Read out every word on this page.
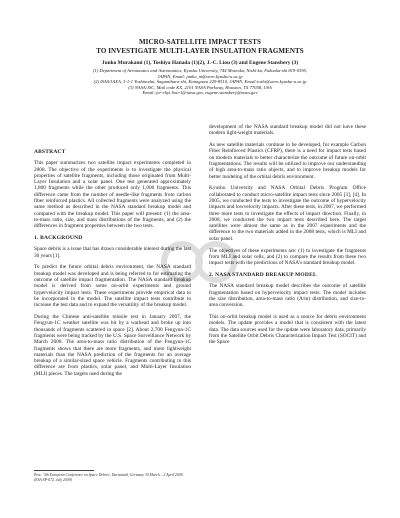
MICRO-SATELLITE IMPACT TESTS
TO INVESTIGATE MULTI-LAYER INSULATION FRAGMENTS
Junko Murakami (1), Toshiya Hanada (1)(2), J.-C. Liou (3) and Eugene Stansbery (3)
(1) Department of Aeronautics and Astronautics, Kyushu University, 744 Motooka, Nishi-ku, Fukuoka-shi 819-0395,
JAPAN, Email: junko_m@aero.kyushu-u.ac.jp
(2) ISAS/JAXA, 3-1-1 Yoshinodai, Sagamihara-shi, Kanagawa 229-8510, JAPAN, Email:toshi@aero.kyushu-u.ac.jp
(3) NASA/JSC, Mail code KX, 2101 NASA Parkway, Houston, TX 77058, USA
Email: jer-chyi.liou-1@nasa.gov, eugene.stansbery@nasa.gov
ABSTRACT
This paper summarizes two satellite impact experiments completed in 2008. The objective of the experiments is to investigate the physical properties of satellite fragments, including those originated from Multi-Layer Insulation and a solar panel. One test generated approximately 1,800 fragments while the other produced only 1,000 fragments. This difference came from the number of needle-like fragments from carbon fiber reinforced plastics. All collected fragments were analyzed using the same method as described in the NASA standard breakup model and compared with the breakup model. This paper will present: (1) the area-to-mass ratio, size, and mass distributions of the fragments, and (2) the differences in fragment properties between the two tests.
1. BACKGROUND
Space debris is a issue that has drawn considerable interest during the last 30 years [1].
To predict the future orbital debris environment, the NASA standard breakup model was developed and is being referred to for estimating the outcome of satellite impact fragmentation. The NASA standard breakup model is derived from some on-orbit experiments and ground hypervelocity impact tests. These experiments provide empirical data to be incorporated in the model. The satellite impact tests contribute to increase the test data and to expand the versatility of the breakup model.
During the Chinese anti-satellite missile test in January 2007, the Fengyun-1C weather satellite was hit by a warhead and broke up into thousands of fragments scattered in space [2]. About 2,700 Fengyun-1C fragments were being tracked by the U.S. Space Surveillance Network by March 2008. The area-to-mass ratio distribution of the Fengyun-1C fragments shows that there are more fragments, and more lightweight materials than the NASA prediction of the fragments for an average breakup of a similar-sized space vehicle. Fragments contributing to this difference are from plastics, solar panel, and Multi-Layer Insulation (MLI) pieces. The targets used during the
development of the NASA standard breakup model did not have these modern light-weight materials.
As new satellite materials continue to be developed, for example Carbon Fiber Reinforced Plastics (CFRP), there is a need for impact tests based on modern materials to better characterize the outcome of future on-orbit fragmentations. The results will be utilized to improve our understanding of high area-to-mass ratio objects, and to improve breakup models for better modeling of the orbital debris environment.
Kyushu University and NASA Orbital Debris Program Office collaborated to conduct micro-satellite impact tests since 2005 [3], [4]. In 2005, we conducted the tests to investigate the outcome of hypervelocity impacts and lowvelocity impacts. After these tests, in 2007, we performed three more tests to investigate the effects of impact direction. Finally, in 2008, we conducted the two impact tests described here. The target satellites were almost the same as in the 2007 experiments and the difference to the two materials added in the 2008 tests, which is MLI and solar panel.
The objectives of these experiments are: (1) to investigate the fragments from MLI and solar cells, and (2) to compare the results from these two impact tests with the predictions of NASA's standard breakup model.
2. NASA STANDARD BREAKUP MODEL
The NASA standard breakup model describes the outcome of satellite fragmentation based on hypervelocity impact tests. The model includes the size distribution, area-to-mass ratio (A/m) distribution, and size-to-area conversion.
This on-orbit breakup model is used as a source for debris environment models. The update provides a model that is consistent with the latest data. The data sources used for the update were laboratory data, primarily from the Satellite Orbit Debris Characterization Impact Test (SOCIT) and the Space
Proc. '5th European Conference on Space Debris', Darmstadt, Germany 30 March – 2 April 2009, (ESA SP-672, July 2009)
